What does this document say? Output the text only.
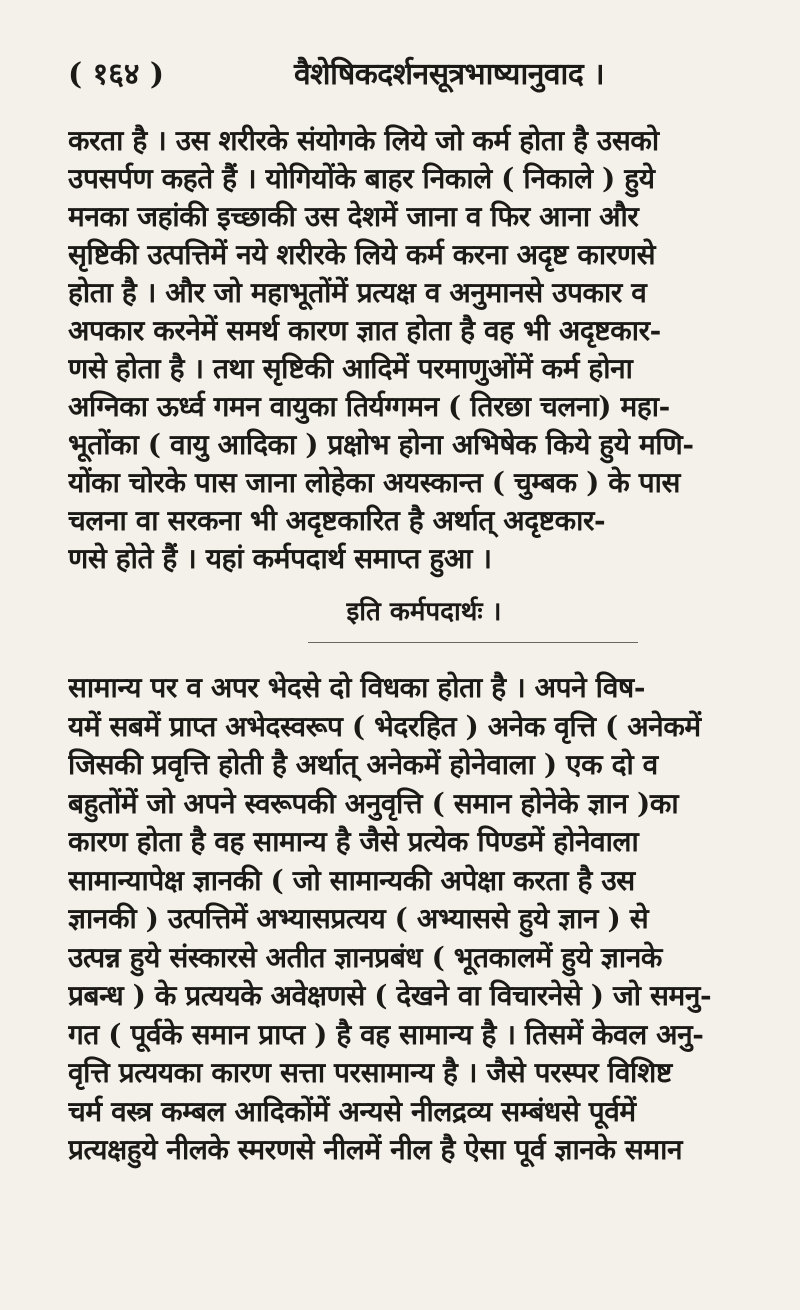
( १६४ )	वैशेषिकदर्शनसूत्रभाष्यानुवाद ।
करता है । उस शरीरके संयोगके लिये जो कर्म होता है उसको
उपसर्पण कहते हैं । योगियोंके बाहर निकाले ( निकाले ) हुये
मनका जहांकी इच्छाकी उस देशमें जाना व फिर आना और
सृष्टिकी उत्पत्तिमें नये शरीरके लिये कर्म करना अदृष्ट कारणसे
होता है । और जो महाभूतोंमें प्रत्यक्ष व अनुमानसे उपकार व
अपकार करनेमें समर्थ कारण ज्ञात होता है वह भी अदृष्टकार-
णसे होता है । तथा सृष्टिकी आदिमें परमाणुओंमें कर्म होना
अग्निका ऊर्ध्व गमन वायुका तिर्यग्गमन ( तिरछा चलना) महा-
भूतोंका ( वायु आदिका ) प्रक्षोभ होना अभिषेक किये हुये मणि-
योंका चोरके पास जाना लोहेका अयस्कान्त ( चुम्बक ) के पास
चलना वा सरकना भी अदृष्टकारित है अर्थात् अदृष्टकार-
णसे होते हैं । यहां कर्मपदार्थ समाप्त हुआ ।
इति कर्मपदार्थः ।
सामान्य पर व अपर भेदसे दो विधका होता है । अपने विष-
यमें सबमें प्राप्त अभेदस्वरूप ( भेदरहित ) अनेक वृत्ति ( अनेकमें
जिसकी प्रवृत्ति होती है अर्थात् अनेकमें होनेवाला ) एक दो व
बहुतोंमें जो अपने स्वरूपकी अनुवृत्ति ( समान होनेके ज्ञान )का
कारण होता है वह सामान्य है जैसे प्रत्येक पिण्डमें होनेवाला
सामान्यापेक्ष ज्ञानकी ( जो सामान्यकी अपेक्षा करता है उस
ज्ञानकी ) उत्पत्तिमें अभ्यासप्रत्यय ( अभ्याससे हुये ज्ञान ) से
उत्पन्न हुये संस्कारसे अतीत ज्ञानप्रबंध ( भूतकालमें हुये ज्ञानके
प्रबन्ध ) के प्रत्ययके अवेक्षणसे ( देखने वा विचारनेसे ) जो समनु-
गत ( पूर्वके समान प्राप्त ) है वह सामान्य है । तिसमें केवल अनु-
वृत्ति प्रत्ययका कारण सत्ता परसामान्य है । जैसे परस्पर विशिष्ट
चर्म वस्त्र कम्बल आदिकोंमें अन्यसे नीलद्रव्य सम्बंधसे पूर्वमें
प्रत्यक्षहुये नीलके स्मरणसे नीलमें नील है ऐसा पूर्व ज्ञानके समान
